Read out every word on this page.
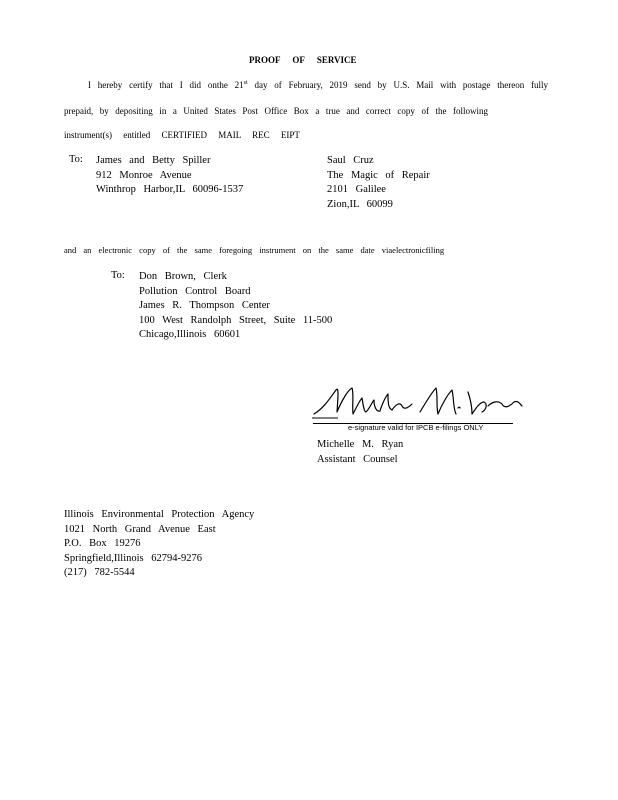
PROOF OF SERVICE
I hereby certify that I did onthe 21st day of February, 2019 send by U.S. Mail with postage thereon fully
prepaid, by depositing in a United States Post Office Box a true and correct copy of the following
instrument(s) entitled CERTIFIED MAIL REC EIPT
To: James and Betty Spiller
912 Monroe Avenue
Winthrop Harbor,IL 60096-1537
Saul Cruz
The Magic of Repair
2101 Galilee
Zion,IL 60099
and an electronic copy of the same foregoing instrument on the same date viaelectronicfiling
To: Don Brown, Clerk
Pollution Control Board
James R. Thompson Center
100 West Randolph Street, Suite 11-500
Chicago,Illinois 60601
e-signature valid for IPCB e-filings ONLY
Michelle M. Ryan
Assistant Counsel
Illinois Environmental Protection Agency
1021 North Grand Avenue East
P.O. Box 19276
Springfield,Illinois 62794-9276
(217) 782-5544
